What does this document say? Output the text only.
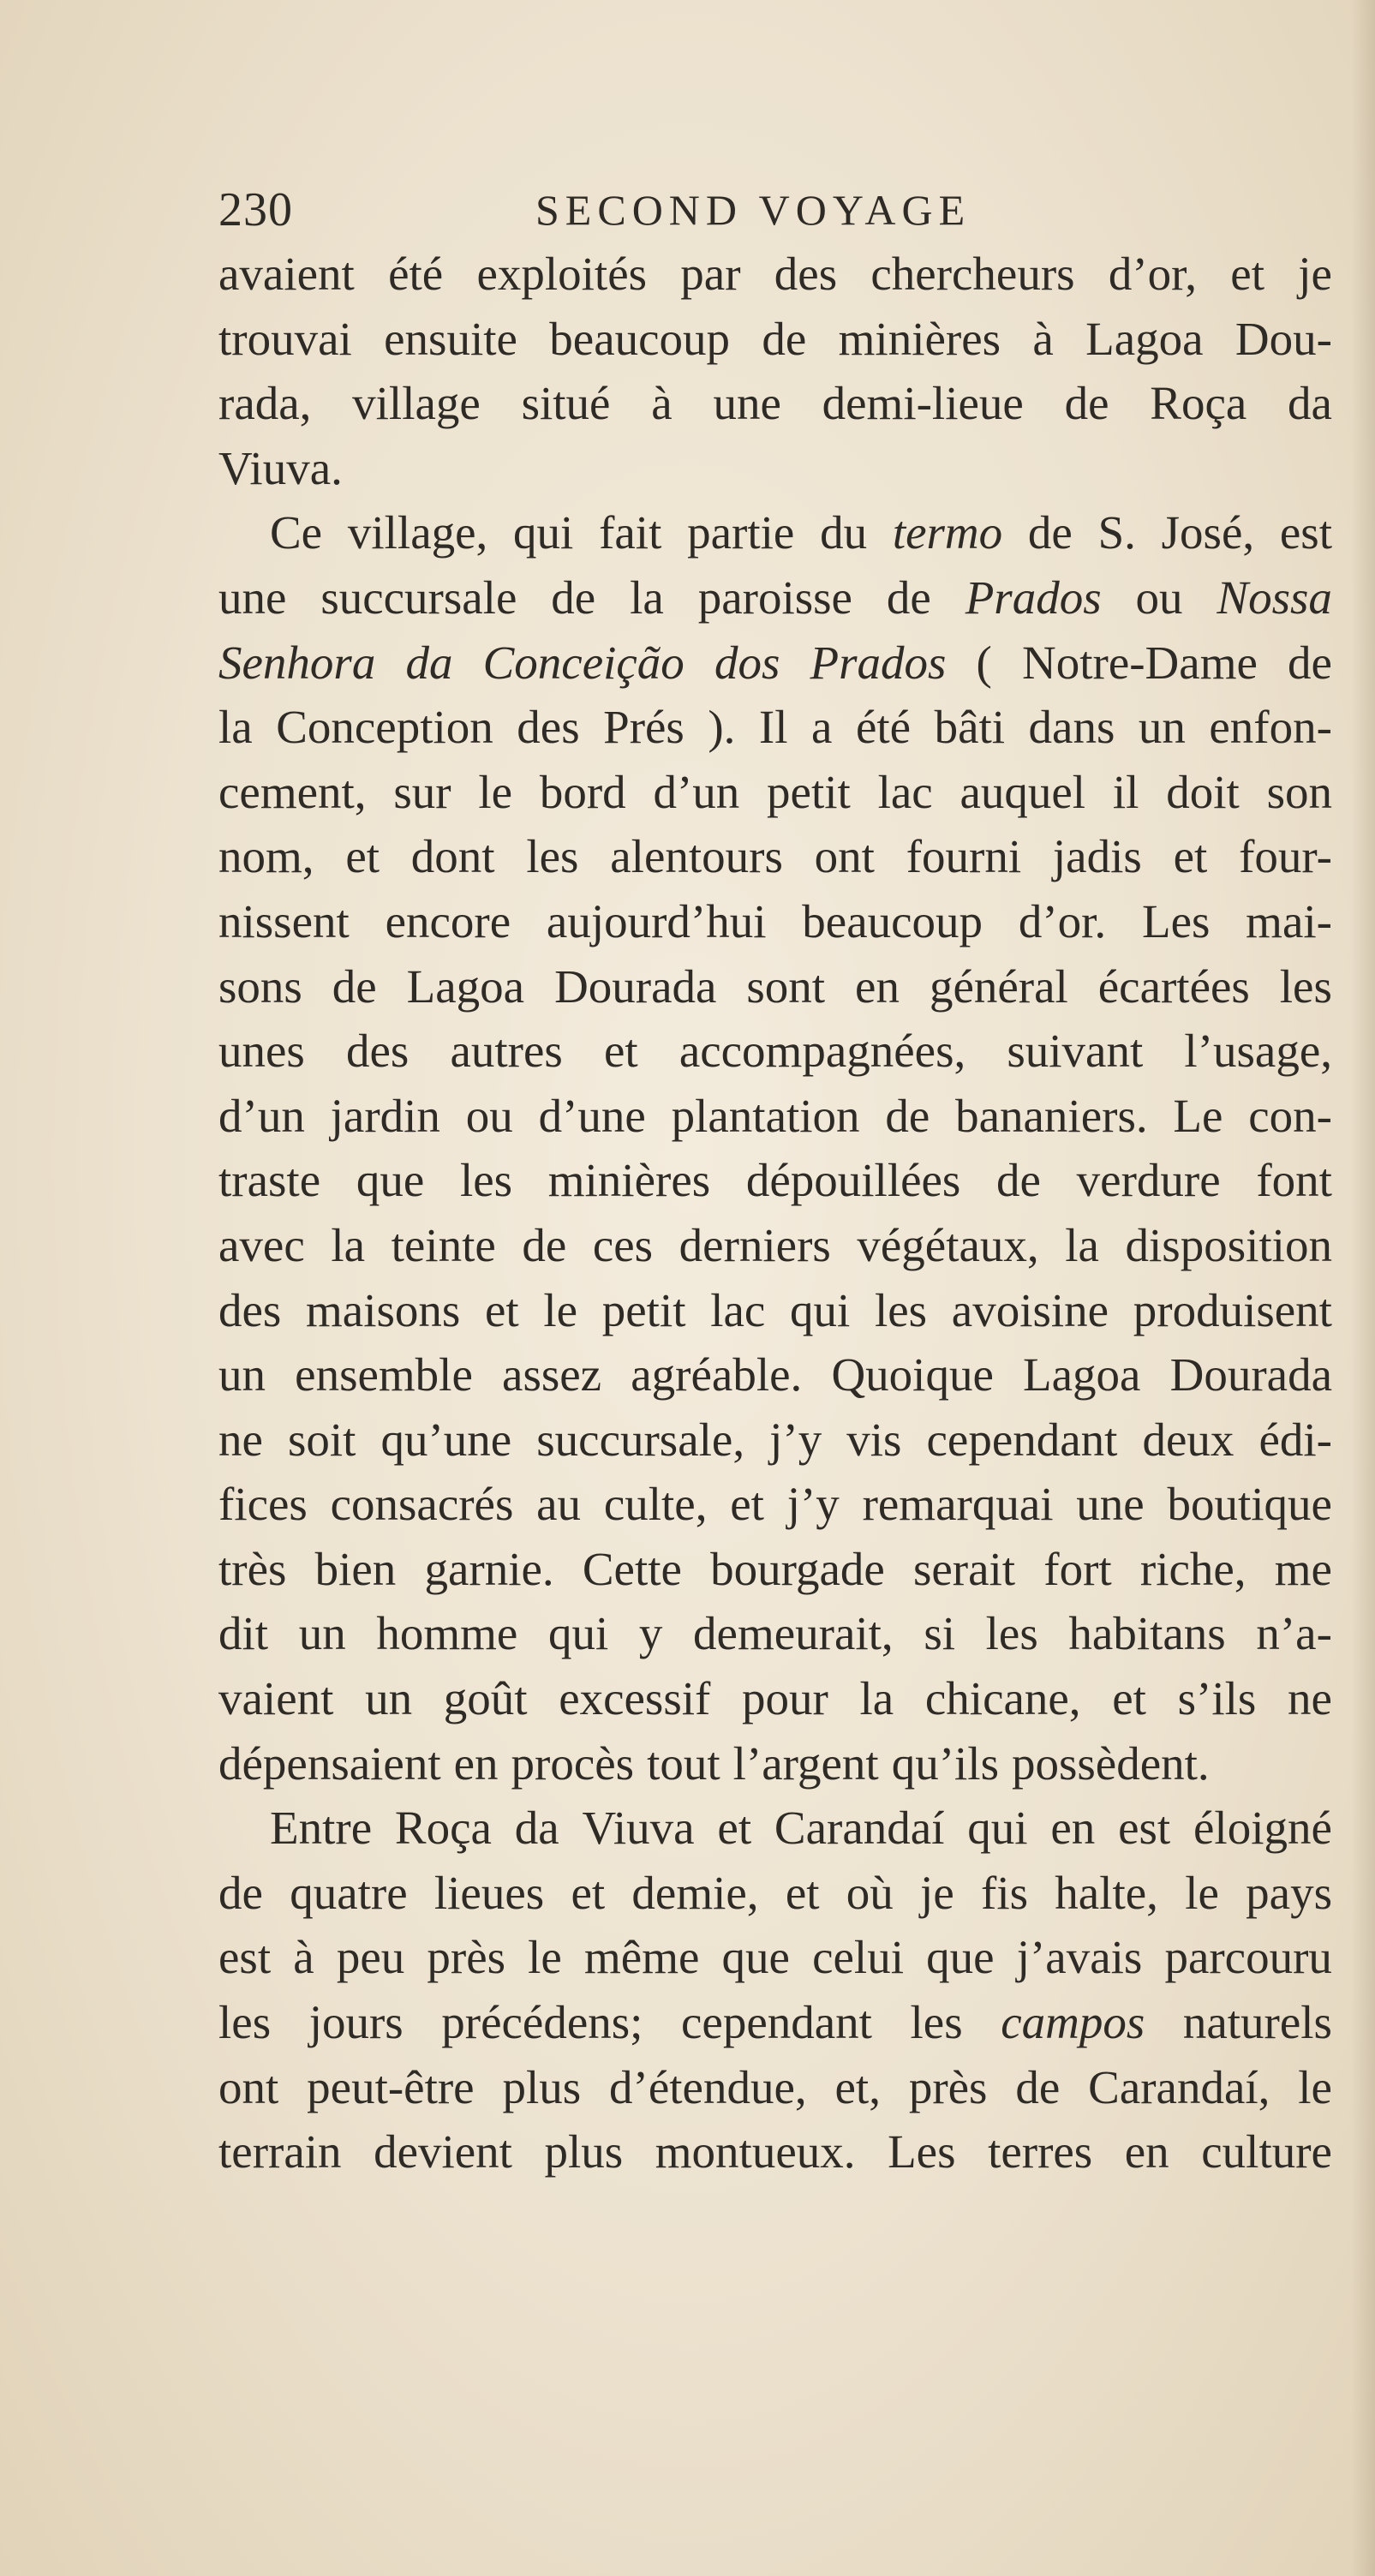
230	SECOND VOYAGE
avaient été exploités par des chercheurs d’or, et je
trouvai ensuite beaucoup de minières à Lagoa Dou-
rada, village situé à une demi-lieue de Roça da
Viuva.
Ce village, qui fait partie du termo de S. José, est
une succursale de la paroisse de Prados ou Nossa
Senhora da Conceição dos Prados ( Notre-Dame de
la Conception des Prés ). Il a été bâti dans un enfon-
cement, sur le bord d’un petit lac auquel il doit son
nom, et dont les alentours ont fourni jadis et four-
nissent encore aujourd’hui beaucoup d’or. Les mai-
sons de Lagoa Dourada sont en général écartées les
unes des autres et accompagnées, suivant l’usage,
d’un jardin ou d’une plantation de bananiers. Le con-
traste que les minières dépouillées de verdure font
avec la teinte de ces derniers végétaux, la disposition
des maisons et le petit lac qui les avoisine produisent
un ensemble assez agréable. Quoique Lagoa Dourada
ne soit qu’une succursale, j’y vis cependant deux édi-
fices consacrés au culte, et j’y remarquai une boutique
très bien garnie. Cette bourgade serait fort riche, me
dit un homme qui y demeurait, si les habitans n’a-
vaient un goût excessif pour la chicane, et s’ils ne
dépensaient en procès tout l’argent qu’ils possèdent.
Entre Roça da Viuva et Carandaí qui en est éloigné
de quatre lieues et demie, et où je fis halte, le pays
est à peu près le même que celui que j’avais parcouru
les jours précédens; cependant les campos naturels
ont peut-être plus d’étendue, et, près de Carandaí, le
terrain devient plus montueux. Les terres en culture
